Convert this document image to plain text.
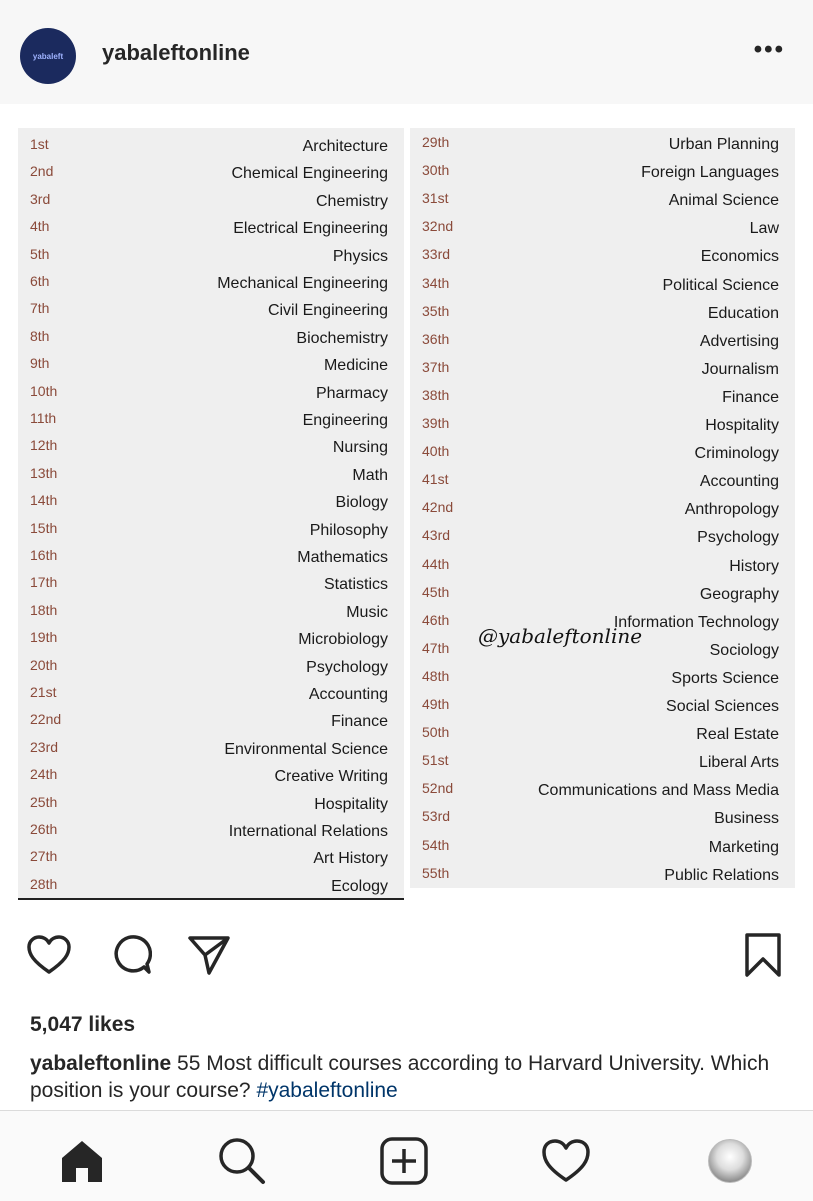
yabaleft yabaleftonline	•••
1st	Architecture
2nd	Chemical Engineering
3rd	Chemistry
4th	Electrical Engineering
5th	Physics
6th	Mechanical Engineering
7th	Civil Engineering
8th	Biochemistry
9th	Medicine
10th	Pharmacy
11th	Engineering
12th	Nursing
13th	Math
14th	Biology
15th	Philosophy
16th	Mathematics
17th	Statistics
18th	Music
19th	Microbiology
20th	Psychology
21st	Accounting
22nd	Finance
23rd	Environmental Science
24th	Creative Writing
25th	Hospitality
26th	International Relations
27th	Art History
28th	Ecology
29th	Urban Planning
30th	Foreign Languages
31st	Animal Science
32nd	Law
33rd	Economics
34th	Political Science
35th	Education
36th	Advertising
37th	Journalism
38th	Finance
39th	Hospitality
40th	Criminology
41st	Accounting
42nd	Anthropology
43rd	Psychology
44th	History
45th	Geography
46th	Information Technology
47th	Sociology
48th	Sports Science
49th	Social Sciences
50th	Real Estate
51st	Liberal Arts
52nd	Communications and Mass Media
53rd	Business
54th	Marketing
55th	Public Relations
@yabaleftonline
5,047 likes
yabaleftonline 55 Most difficult courses according to Harvard University. Which position is your course? #yabaleftonline
